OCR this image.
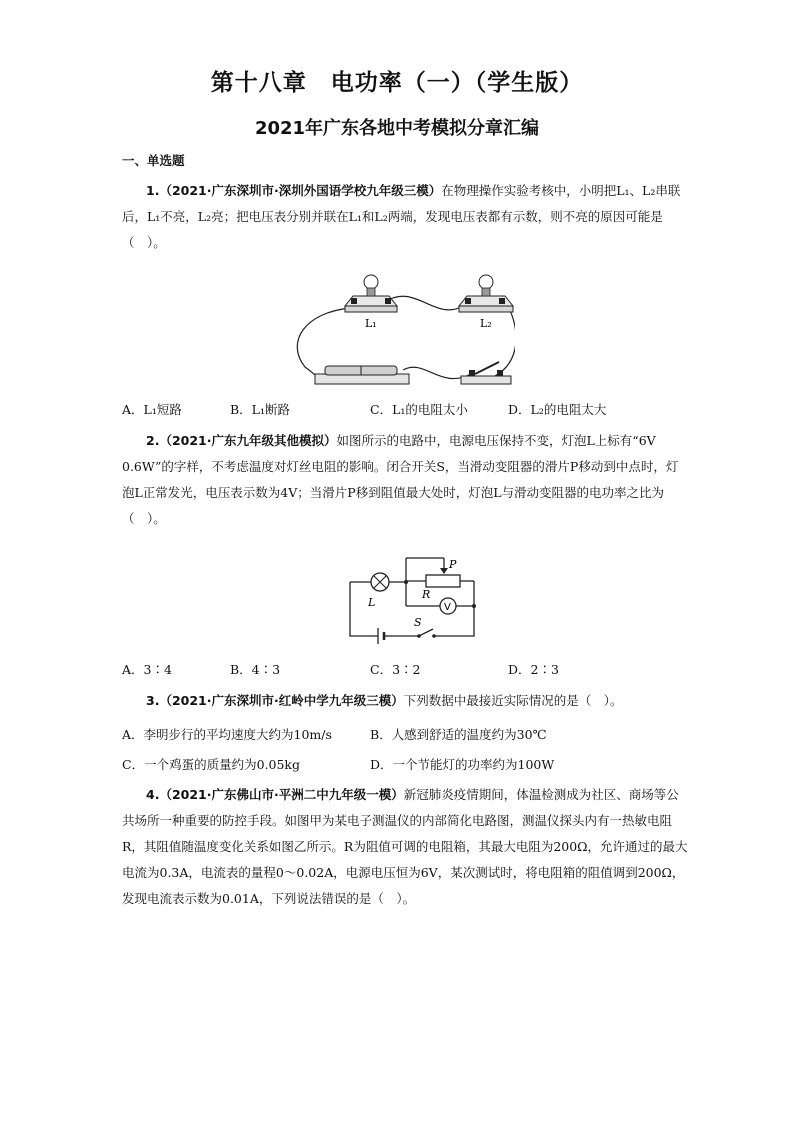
第十八章　电功率（一）（学生版）
2021年广东各地中考模拟分章汇编
一、单选题
1.（2021·广东深圳市·深圳外国语学校九年级三模）在物理操作实验考核中，小明把L₁、L₂串联后，L₁不亮，L₂亮；把电压表分别并联在L₁和L₂两端，发现电压表都有示数，则不亮的原因可能是（　）。
L₁	L₂
A．L₁短路	B．L₁断路	C．L₁的电阻太小	D．L₂的电阻太大
2.（2021·广东九年级其他模拟）如图所示的电路中，电源电压保持不变，灯泡L上标有“6V 0.6W”的字样，不考虑温度对灯丝电阻的影响。闭合开关S，当滑动变阻器的滑片P移动到中点时，灯泡L正常发光，电压表示数为4V；当滑片P移到阻值最大处时，灯泡L与滑动变阻器的电功率之比为（　）。
L
P
R
V
S
A．3∶4	B．4∶3	C．3∶2	D．2∶3
3.（2021·广东深圳市·红岭中学九年级三模）下列数据中最接近实际情况的是（　）。
A．李明步行的平均速度大约为10m/s	B．人感到舒适的温度约为30℃
C．一个鸡蛋的质量约为0.05kg	D．一个节能灯的功率约为100W
4.（2021·广东佛山市·平洲二中九年级一模）新冠肺炎疫情期间，体温检测成为社区、商场等公共场所一种重要的防控手段。如图甲为某电子测温仪的内部简化电路图，测温仪探头内有一热敏电阻R，其阻值随温度变化关系如图乙所示。R为阻值可调的电阻箱，其最大电阻为200Ω，允许通过的最大电流为0.3A，电流表的量程0～0.02A，电源电压恒为6V，某次测试时，将电阻箱的阻值调到200Ω，发现电流表示数为0.01A，下列说法错误的是（　）。
